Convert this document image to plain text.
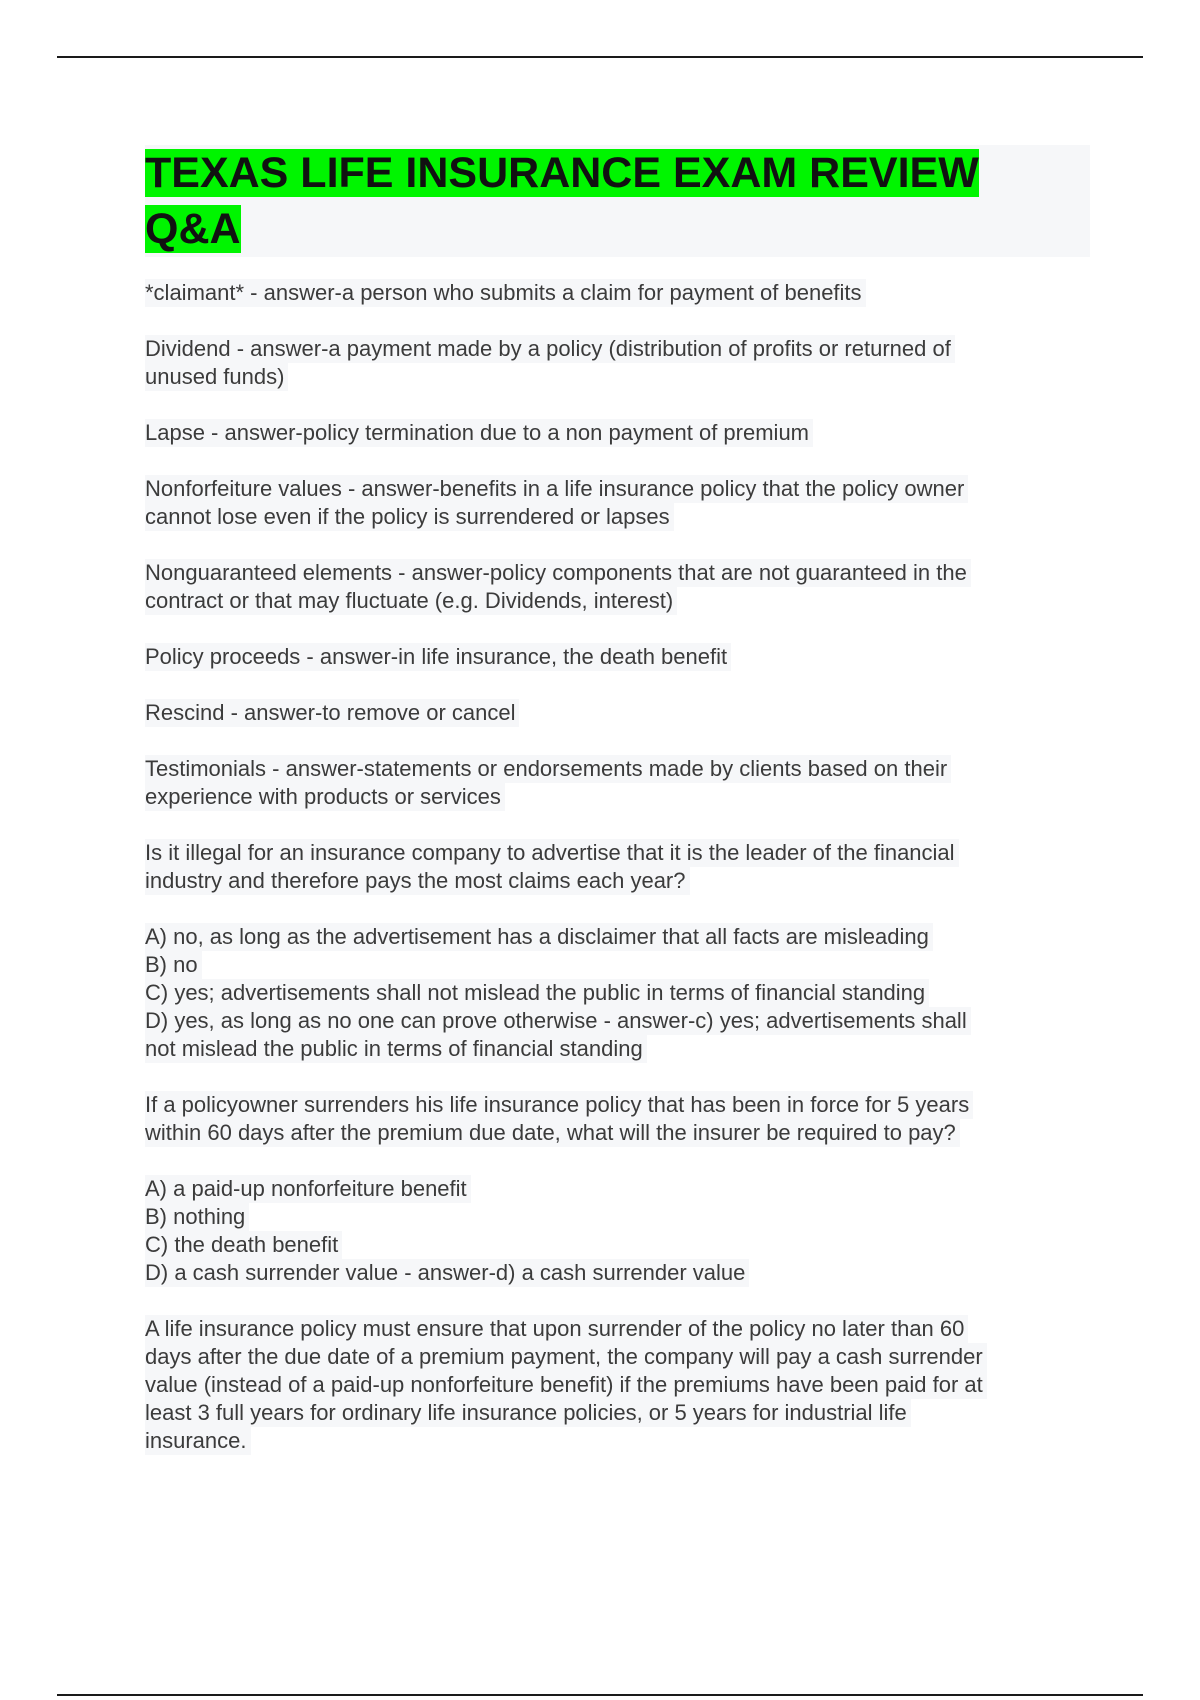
TEXAS LIFE INSURANCE EXAM REVIEW
Q&A
*claimant* - answer-a person who submits a claim for payment of benefits
Dividend - answer-a payment made by a policy (distribution of profits or returned of
unused funds)
Lapse - answer-policy termination due to a non payment of premium
Nonforfeiture values - answer-benefits in a life insurance policy that the policy owner
cannot lose even if the policy is surrendered or lapses
Nonguaranteed elements - answer-policy components that are not guaranteed in the
contract or that may fluctuate (e.g. Dividends, interest)
Policy proceeds - answer-in life insurance, the death benefit
Rescind - answer-to remove or cancel
Testimonials - answer-statements or endorsements made by clients based on their
experience with products or services
Is it illegal for an insurance company to advertise that it is the leader of the financial
industry and therefore pays the most claims each year?
A) no, as long as the advertisement has a disclaimer that all facts are misleading
B) no
C) yes; advertisements shall not mislead the public in terms of financial standing
D) yes, as long as no one can prove otherwise - answer-c) yes; advertisements shall
not mislead the public in terms of financial standing
If a policyowner surrenders his life insurance policy that has been in force for 5 years
within 60 days after the premium due date, what will the insurer be required to pay?
A) a paid-up nonforfeiture benefit
B) nothing
C) the death benefit
D) a cash surrender value - answer-d) a cash surrender value
A life insurance policy must ensure that upon surrender of the policy no later than 60
days after the due date of a premium payment, the company will pay a cash surrender
value (instead of a paid-up nonforfeiture benefit) if the premiums have been paid for at
least 3 full years for ordinary life insurance policies, or 5 years for industrial life
insurance.
